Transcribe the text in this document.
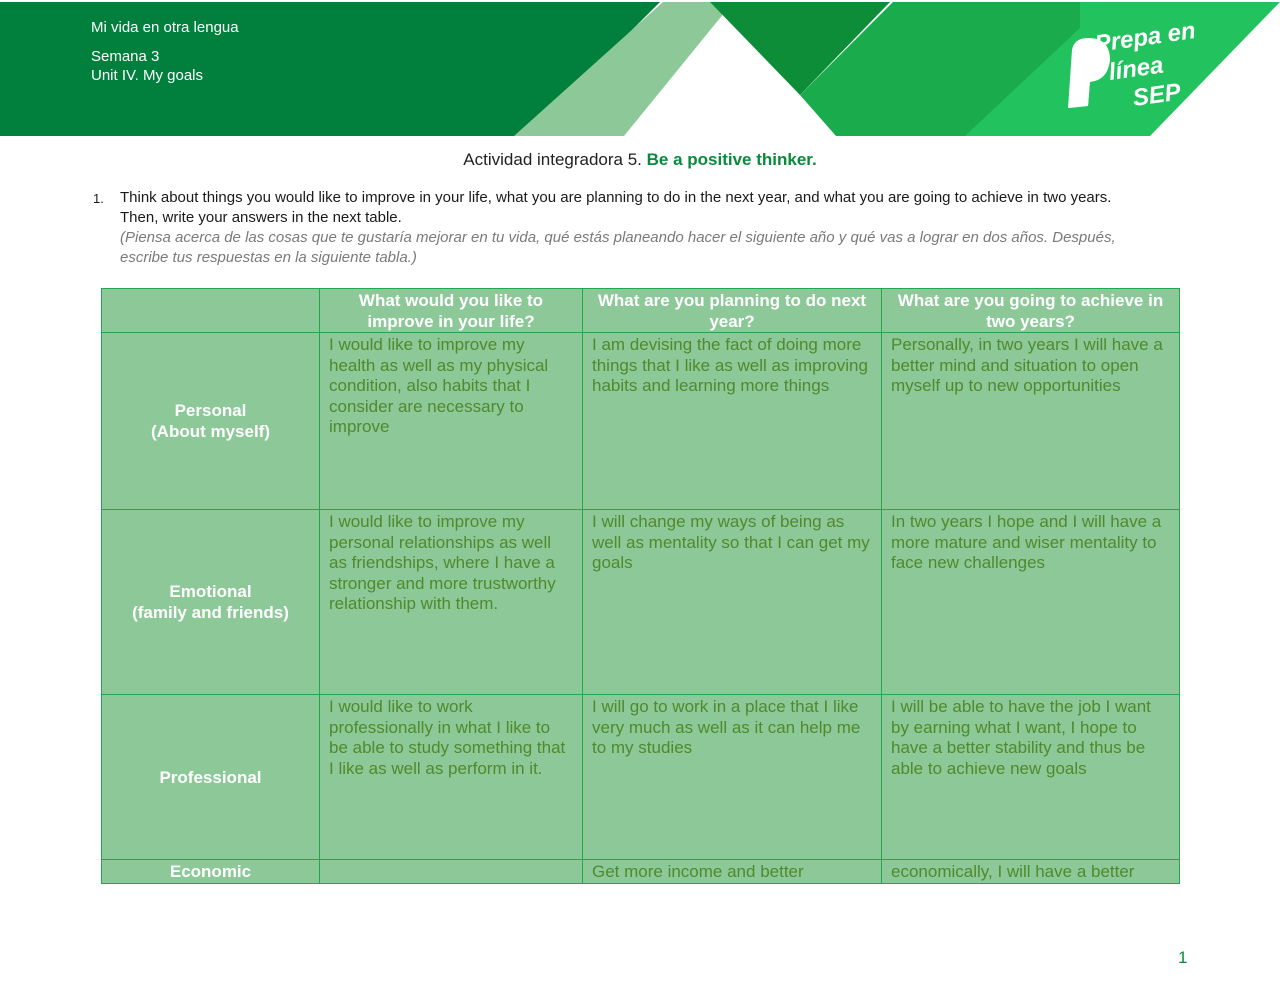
Mi vida en otra lengua
Semana 3
Unit IV. My goals
Prepa en
línea
SEP
Actividad integradora 5. Be a positive thinker.
1. Think about things you would like to improve in your life, what you are planning to do in the next year, and what you are going to achieve in two years. Then, write your answers in the next table.
(Piensa acerca de las cosas que te gustaría mejorar en tu vida, qué estás planeando hacer el siguiente año y qué vas a lograr en dos años. Después, escribe tus respuestas en la siguiente tabla.)
	What would you like to improve in your life?	What are you planning to do next year?	What are you going to achieve in two years?

Personal
(About myself)	I would like to improve my health as well as my physical condition, also habits that I consider are necessary to improve	I am devising the fact of doing more things that I like as well as improving habits and learning more things	Personally, in two years I will have a better mind and situation to open myself up to new opportunities

Emotional
(family and friends)	I would like to improve my personal relationships as well as friendships, where I have a stronger and more trustworthy relationship with them.	I will change my ways of being as well as mentality so that I can get my goals	In two years I hope and I will have a more mature and wiser mentality to face new challenges

Professional	I would like to work professionally in what I like to be able to study something that I like as well as perform in it.	I will go to work in a place that I like very much as well as it can help me to my studies	I will be able to have the job I want by earning what I want, I hope to have a better stability and thus be able to achieve new goals

Economic		Get more income and better	economically, I will have a better
1
